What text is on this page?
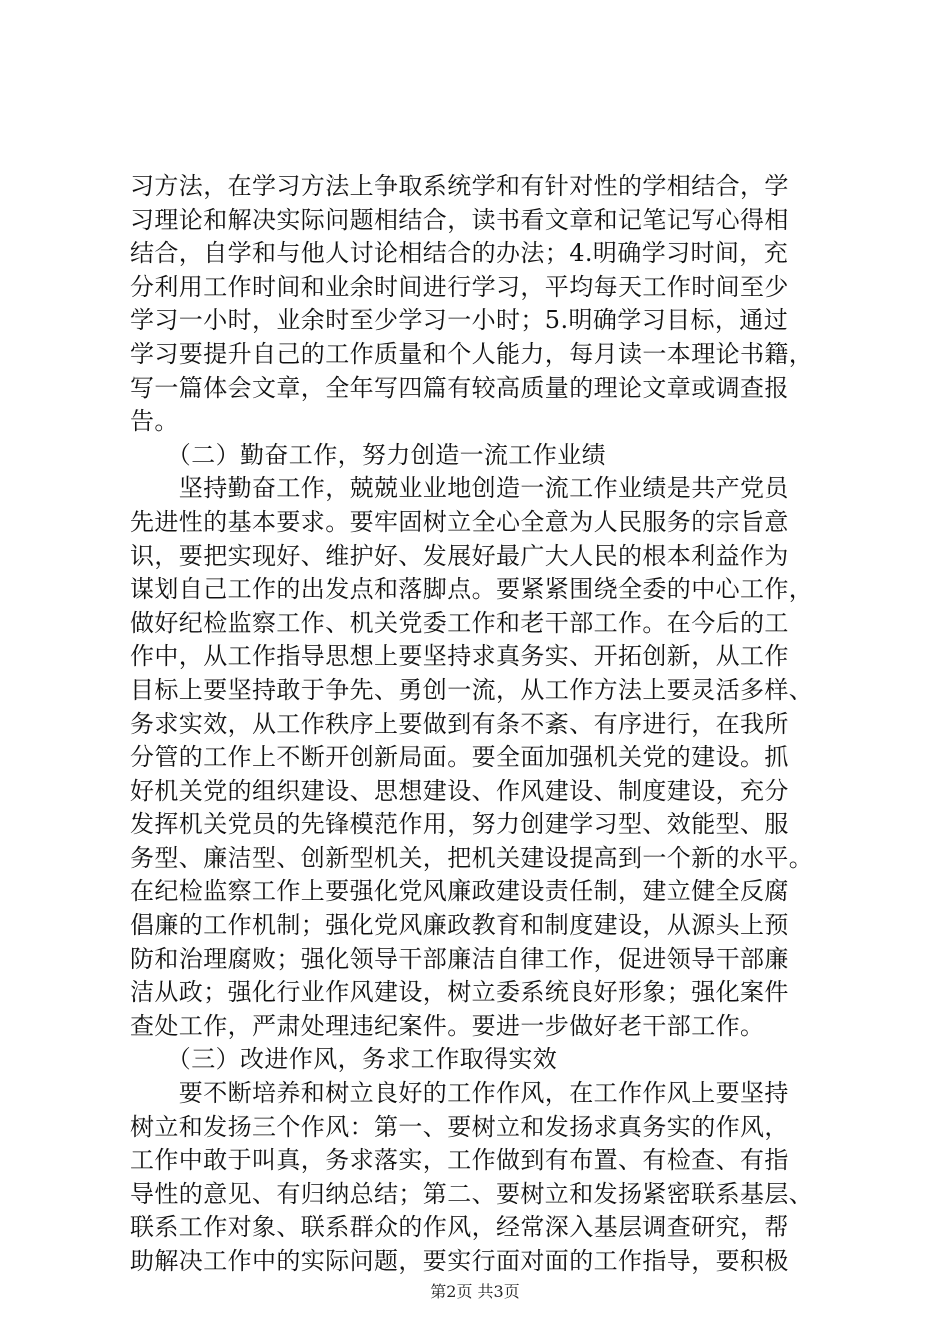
习方法，在学习方法上争取系统学和有针对性的学相结合，学
习理论和解决实际问题相结合，读书看文章和记笔记写心得相
结合，自学和与他人讨论相结合的办法；4.明确学习时间，充
分利用工作时间和业余时间进行学习，平均每天工作时间至少
学习一小时，业余时至少学习一小时；5.明确学习目标，通过
学习要提升自己的工作质量和个人能力，每月读一本理论书籍，
写一篇体会文章，全年写四篇有较高质量的理论文章或调查报
告。
　　（二）勤奋工作，努力创造一流工作业绩
　　坚持勤奋工作，兢兢业业地创造一流工作业绩是共产党员
先进性的基本要求。要牢固树立全心全意为人民服务的宗旨意
识，要把实现好、维护好、发展好最广大人民的根本利益作为
谋划自己工作的出发点和落脚点。要紧紧围绕全委的中心工作，
做好纪检监察工作、机关党委工作和老干部工作。在今后的工
作中，从工作指导思想上要坚持求真务实、开拓创新，从工作
目标上要坚持敢于争先、勇创一流，从工作方法上要灵活多样、
务求实效，从工作秩序上要做到有条不紊、有序进行，在我所
分管的工作上不断开创新局面。要全面加强机关党的建设。抓
好机关党的组织建设、思想建设、作风建设、制度建设，充分
发挥机关党员的先锋模范作用，努力创建学习型、效能型、服
务型、廉洁型、创新型机关，把机关建设提高到一个新的水平。
在纪检监察工作上要强化党风廉政建设责任制，建立健全反腐
倡廉的工作机制；强化党风廉政教育和制度建设，从源头上预
防和治理腐败；强化领导干部廉洁自律工作，促进领导干部廉
洁从政；强化行业作风建设，树立委系统良好形象；强化案件
查处工作，严肃处理违纪案件。要进一步做好老干部工作。
　　（三）改进作风，务求工作取得实效
　　要不断培养和树立良好的工作作风，在工作作风上要坚持
树立和发扬三个作风：第一、要树立和发扬求真务实的作风，
工作中敢于叫真，务求落实，工作做到有布置、有检查、有指
导性的意见、有归纳总结；第二、要树立和发扬紧密联系基层、
联系工作对象、联系群众的作风，经常深入基层调查研究，帮
助解决工作中的实际问题，要实行面对面的工作指导，要积极
第2页 共3页
